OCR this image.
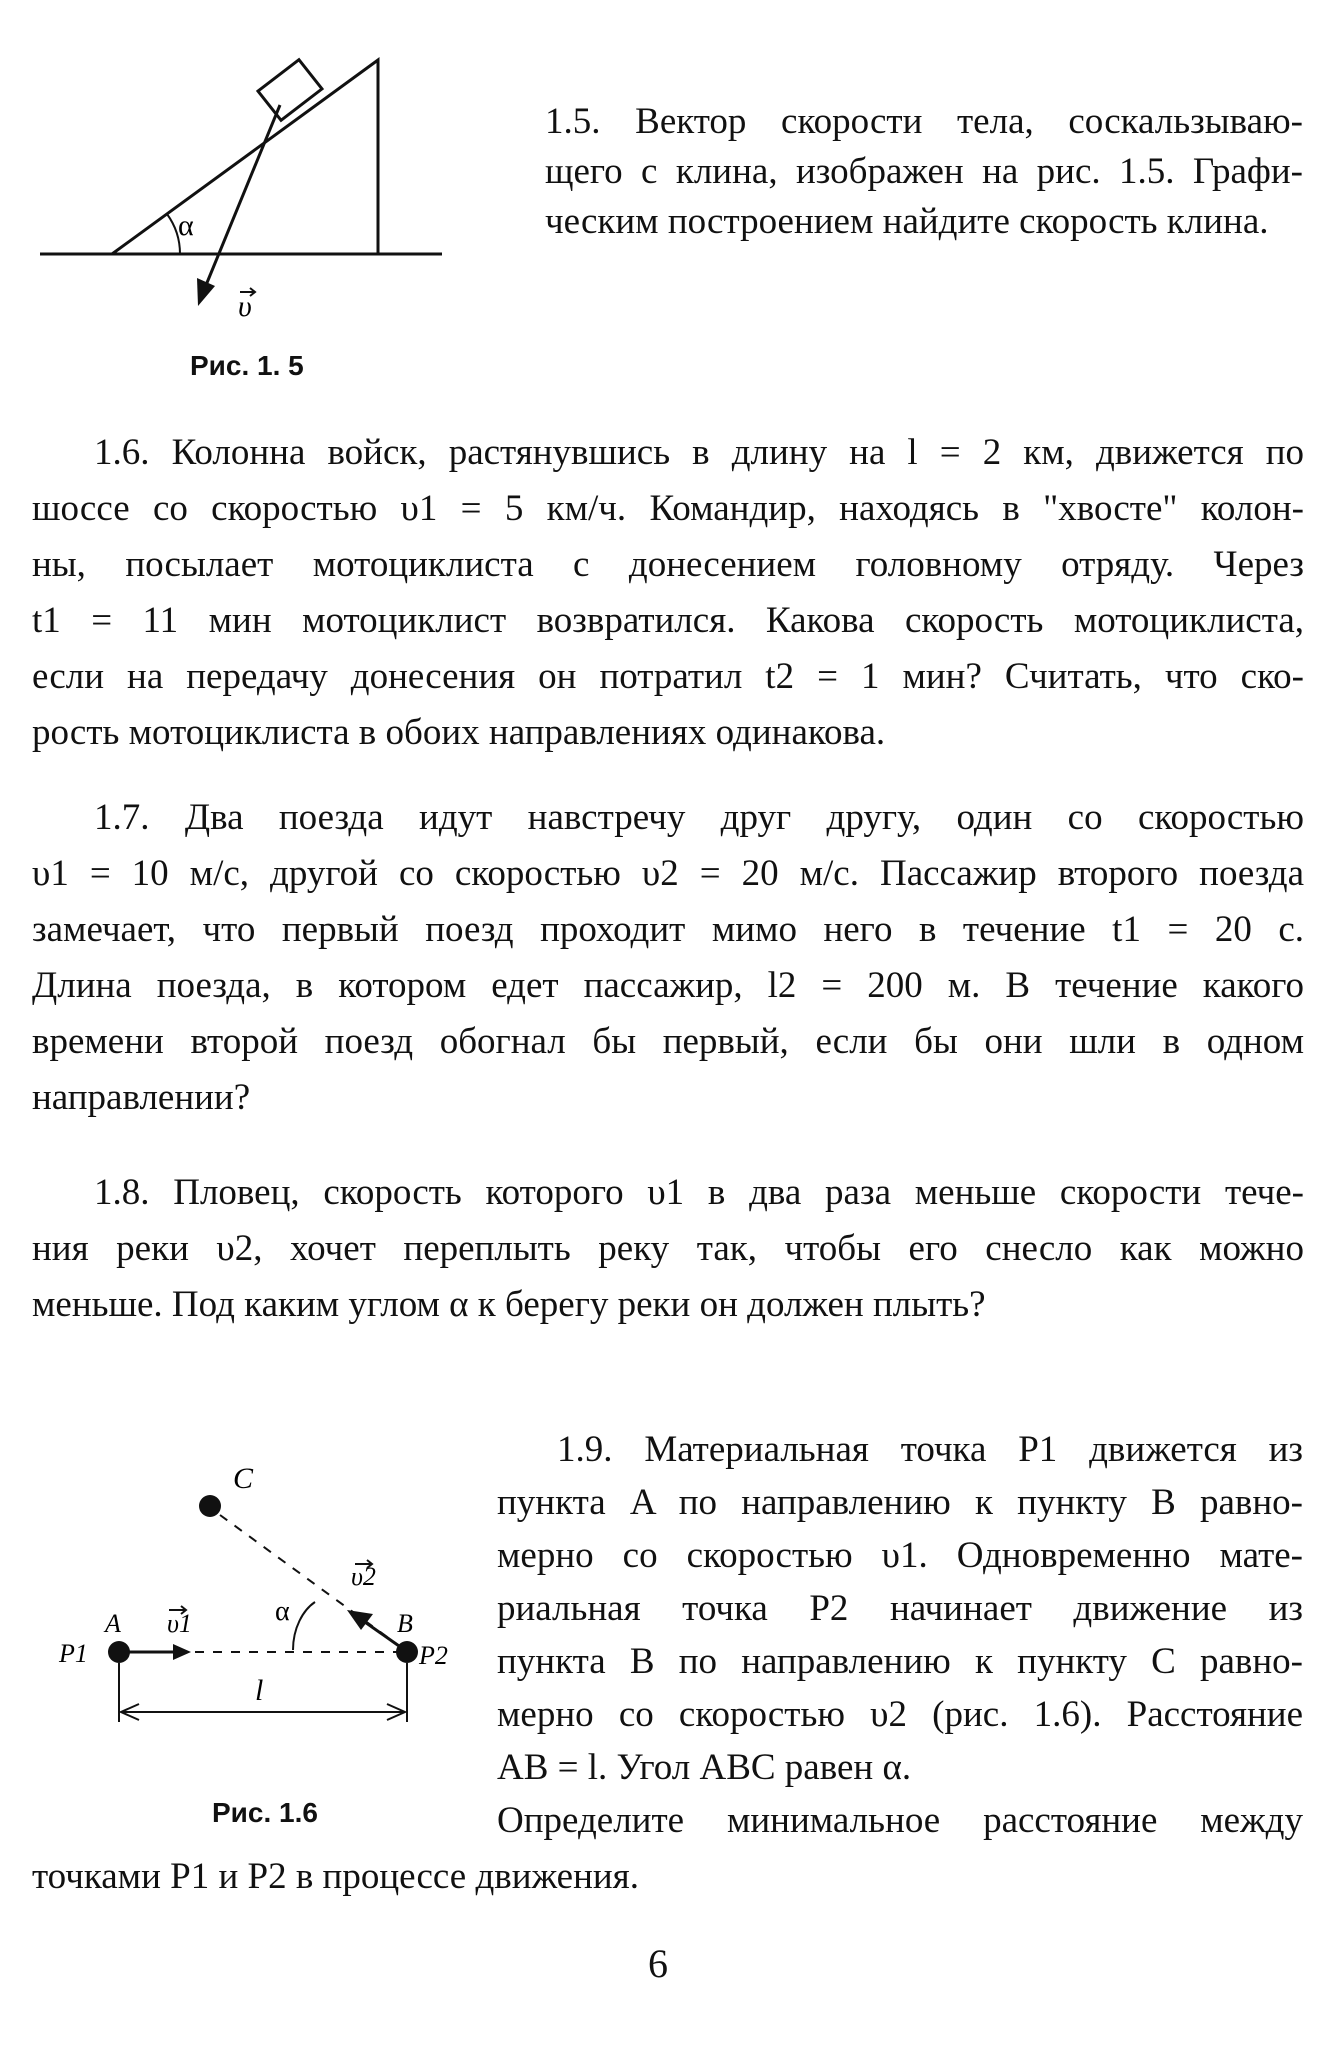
α
υ
Рис. 1. 5
1.5. Вектор скорости тела, соскальзываю-
щего с клина, изображен на рис. 1.5. Графи-
ческим построением найдите скорость клина.
1.6. Колонна войск, растянувшись в длину на l = 2 км, движется по
шоссе со скоростью υ1 = 5 км/ч. Командир, находясь в "хвосте" колон-
ны, посылает мотоциклиста с донесением головному отряду. Через
t1 = 11 мин мотоциклист возвратился. Какова скорость мотоциклиста,
если на передачу донесения он потратил t2 = 1 мин? Считать, что ско-
рость мотоциклиста в обоих направлениях одинакова.
1.7. Два поезда идут навстречу друг другу, один со скоростью
υ1 = 10 м/с, другой со скоростью υ2 = 20 м/с. Пассажир второго поезда
замечает, что первый поезд проходит мимо него в течение t1 = 20 с.
Длина поезда, в котором едет пассажир, l2 = 200 м. В течение какого
времени второй поезд обогнал бы первый, если бы они шли в одном
направлении?
1.8. Пловец, скорость которого υ1 в два раза меньше скорости тече-
ния реки υ2, хочет переплыть реку так, чтобы его снесло как можно
меньше. Под каким углом α к берегу реки он должен плыть?
C
υ2
A
P1
υ1	B
P2
α
l
Рис. 1.6
1.9. Материальная точка P1 движется из
пункта A по направлению к пункту B равно-
мерно со скоростью υ1. Одновременно мате-
риальная точка P2 начинает движение из
пункта B по направлению к пункту C равно-
мерно со скоростью υ2 (рис. 1.6). Расстояние
AB = l. Угол ABC равен α.
Определите минимальное расстояние между
точками P1 и P2 в процессе движения.
6
